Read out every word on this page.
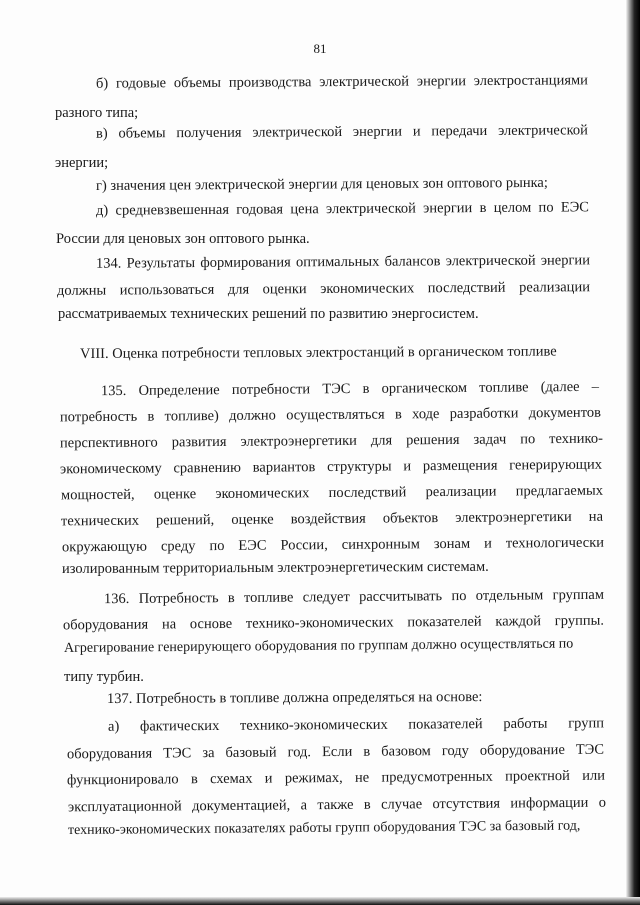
81
б) годовые объемы производства электрической энергии электростанциями
разного типа;
в) объемы получения электрической энергии и передачи электрической
энергии;
г) значения цен электрической энергии для ценовых зон оптового рынка;
д) средневзвешенная годовая цена электрической энергии в целом по ЕЭС
России для ценовых зон оптового рынка.
134. Результаты формирования оптимальных балансов электрической энергии
должны использоваться для оценки экономических последствий реализации
рассматриваемых технических решений по развитию энергосистем.
VIII. Оценка потребности тепловых электростанций в органическом топливе
135. Определение потребности ТЭС в органическом топливе (далее –
потребность в топливе) должно осуществляться в ходе разработки документов
перспективного развития электроэнергетики для решения задач по технико-
экономическому сравнению вариантов структуры и размещения генерирующих
мощностей, оценке экономических последствий реализации предлагаемых
технических решений, оценке воздействия объектов электроэнергетики на
окружающую среду по ЕЭС России, синхронным зонам и технологически
изолированным территориальным электроэнергетическим системам.
136. Потребность в топливе следует рассчитывать по отдельным группам
оборудования на основе технико-экономических показателей каждой группы.
Агрегирование генерирующего оборудования по группам должно осуществляться по
типу турбин.
137. Потребность в топливе должна определяться на основе:
а) фактических технико-экономических показателей работы групп
оборудования ТЭС за базовый год. Если в базовом году оборудование ТЭС
функционировало в схемах и режимах, не предусмотренных проектной или
эксплуатационной документацией, а также в случае отсутствия информации о
технико-экономических показателях работы групп оборудования ТЭС за базовый год,
